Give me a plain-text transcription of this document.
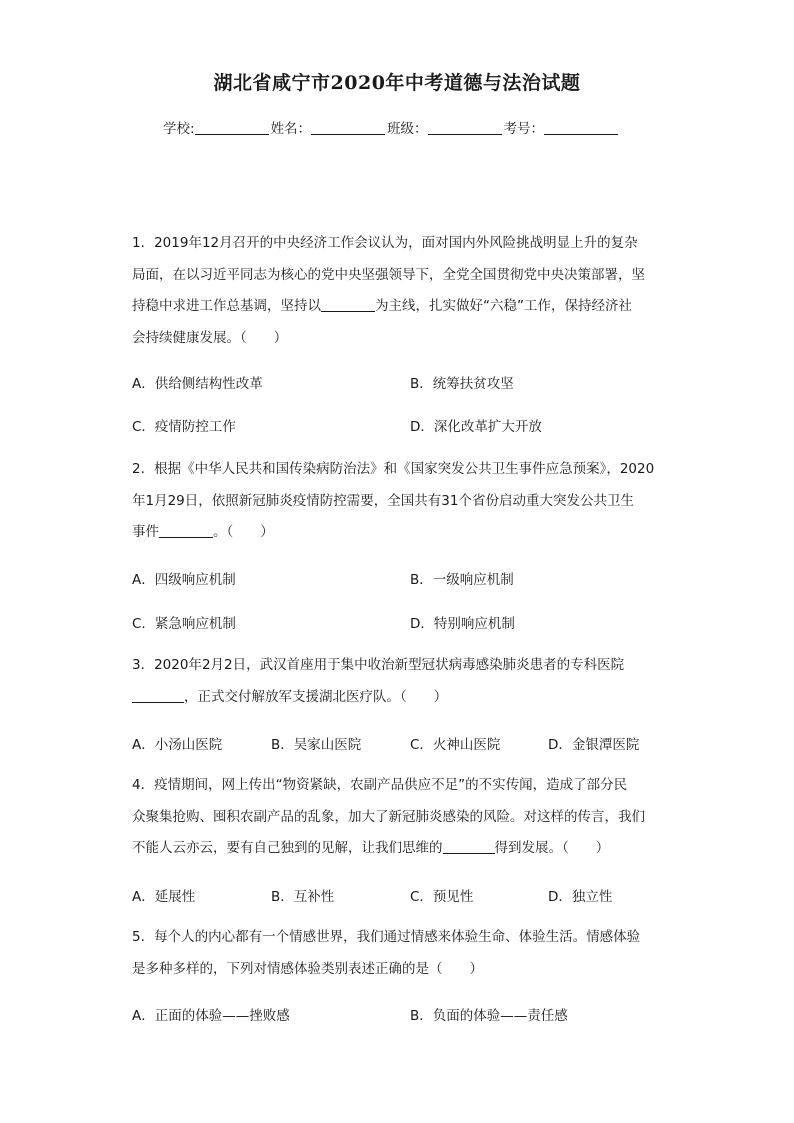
湖北省咸宁市2020年中考道德与法治试题
学校:	姓名：	班级：	考号：

1．2019年12月召开的中央经济工作会议认为，面对国内外风险挑战明显上升的复杂

局面，在以习近平同志为核心的党中央坚强领导下，全党全国贯彻党中央决策部署，坚

持稳中求进工作总基调，坚持以	为主线，扎实做好“六稳”工作，保持经济社

会持续健康发展。（　　）

A．供给侧结构性改革	B．统筹扶贫攻坚
C．疫情防控工作	D．深化改革扩大开放

2．根据《中华人民共和国传染病防治法》和《国家突发公共卫生事件应急预案》，2020

年1月29日，依照新冠肺炎疫情防控需要，全国共有31个省份启动重大突发公共卫生

事件	。（　　）

A．四级响应机制	B．一级响应机制
C．紧急响应机制	D．特别响应机制

3．2020年2月2日，武汉首座用于集中收治新型冠状病毒感染肺炎患者的专科医院

，正式交付解放军支援湖北医疗队。（　　）

A．小汤山医院	B．吴家山医院	C．火神山医院	D．金银潭医院

4．疫情期间，网上传出“物资紧缺，农副产品供应不足”的不实传闻，造成了部分民

众聚集抢购、囤积农副产品的乱象，加大了新冠肺炎感染的风险。对这样的传言，我们

不能人云亦云，要有自己独到的见解，让我们思维的	得到发展。（　　）

A．延展性	B．互补性	C．预见性	D．独立性

5．每个人的内心都有一个情感世界，我们通过情感来体验生命、体验生活。情感体验

是多种多样的，下列对情感体验类别表述正确的是（　　）

A．正面的体验——挫败感	B．负面的体验——责任感
